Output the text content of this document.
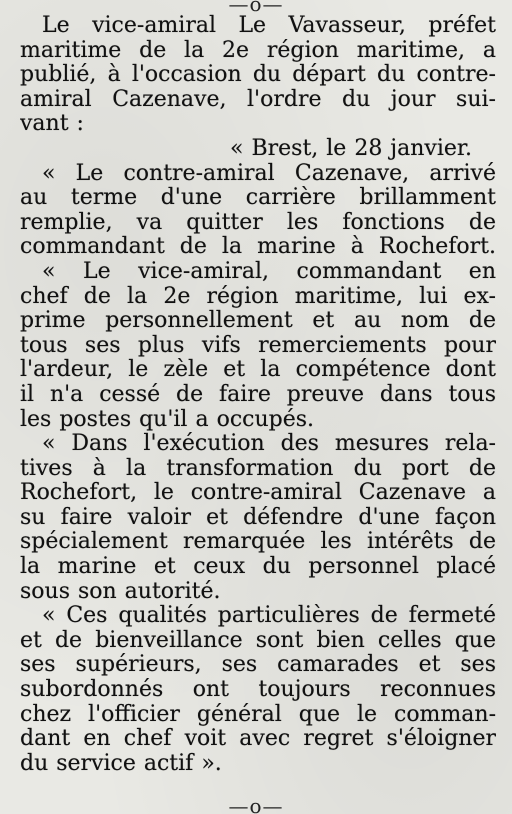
—o—
Le vice-amiral Le Vavasseur, préfet
maritime de la 2e région maritime, a
publié, à l'occasion du départ du contre-
amiral Cazenave, l'ordre du jour sui-
vant :
« Brest, le 28 janvier.
« Le contre-amiral Cazenave, arrivé
au terme d'une carrière brillamment
remplie, va quitter les fonctions de
commandant de la marine à Rochefort.
« Le vice-amiral, commandant en
chef de la 2e région maritime, lui ex-
prime personnellement et au nom de
tous ses plus vifs remerciements pour
l'ardeur, le zèle et la compétence dont
il n'a cessé de faire preuve dans tous
les postes qu'il a occupés.
« Dans l'exécution des mesures rela-
tives à la transformation du port de
Rochefort, le contre-amiral Cazenave a
su faire valoir et défendre d'une façon
spécialement remarquée les intérêts de
la marine et ceux du personnel placé
sous son autorité.
« Ces qualités particulières de fermeté
et de bienveillance sont bien celles que
ses supérieurs, ses camarades et ses
subordonnés ont toujours reconnues
chez l'officier général que le comman-
dant en chef voit avec regret s'éloigner
du service actif ».
—o—
